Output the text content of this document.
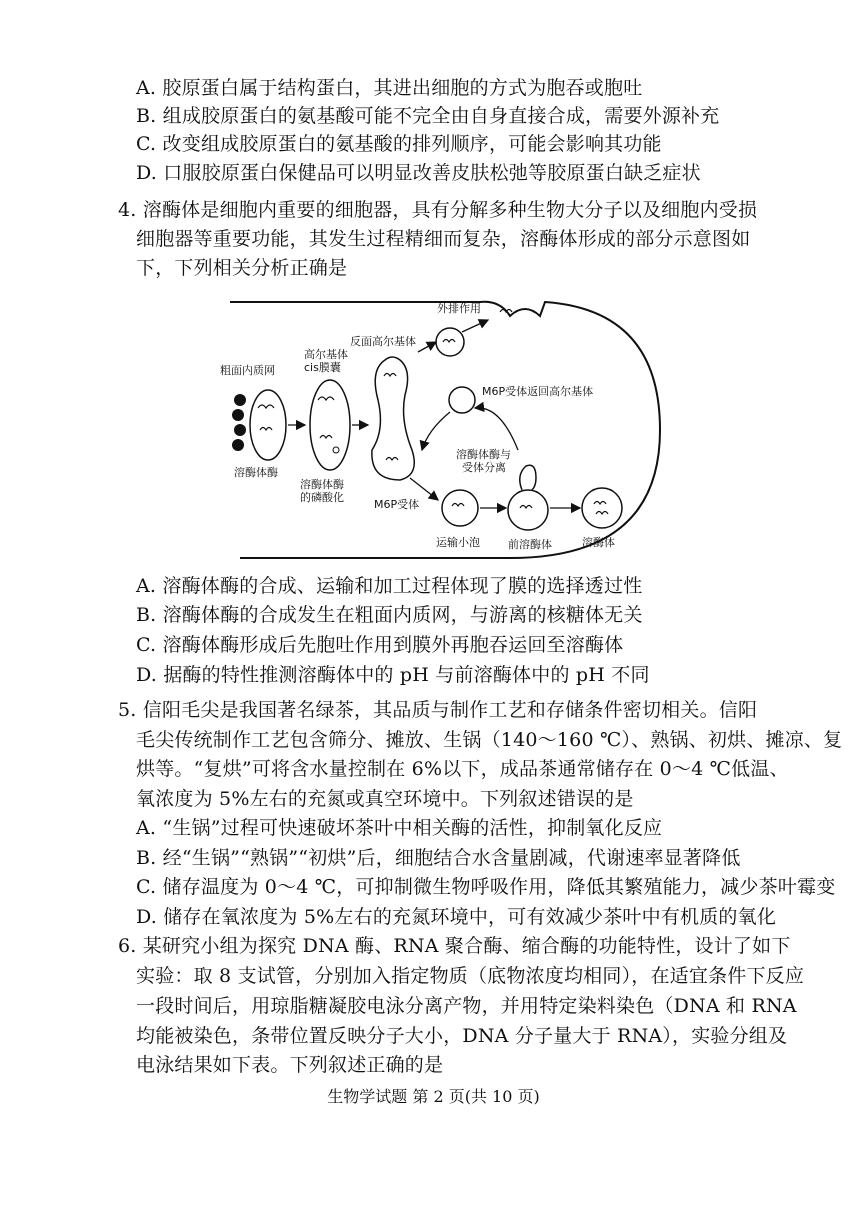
A. 胶原蛋白属于结构蛋白，其进出细胞的方式为胞吞或胞吐
B. 组成胶原蛋白的氨基酸可能不完全由自身直接合成，需要外源补充
C. 改变组成胶原蛋白的氨基酸的排列顺序，可能会影响其功能
D. 口服胶原蛋白保健品可以明显改善皮肤松弛等胶原蛋白缺乏症状
4. 溶酶体是细胞内重要的细胞器，具有分解多种生物大分子以及细胞内受损
细胞器等重要功能，其发生过程精细而复杂，溶酶体形成的部分示意图如
下，下列相关分析正确是
粗面内质网
溶酶体酶
高尔基体
cis膜囊
溶酶体酶
的磷酸化
M6P受体
反面高尔基体
外排作用
M6P受体返回高尔基体
运输小泡
溶酶体酶与
受体分离
前溶酶体	溶酶体
A. 溶酶体酶的合成、运输和加工过程体现了膜的选择透过性
B. 溶酶体酶的合成发生在粗面内质网，与游离的核糖体无关
C. 溶酶体酶形成后先胞吐作用到膜外再胞吞运回至溶酶体
D. 据酶的特性推测溶酶体中的 pH 与前溶酶体中的 pH 不同
5. 信阳毛尖是我国著名绿茶，其品质与制作工艺和存储条件密切相关。信阳
毛尖传统制作工艺包含筛分、摊放、生锅（140～160 ℃）、熟锅、初烘、摊凉、复
烘等。“复烘”可将含水量控制在 6%以下，成品茶通常储存在 0～4 ℃低温、
氧浓度为 5%左右的充氮或真空环境中。下列叙述错误的是
A. “生锅”过程可快速破坏茶叶中相关酶的活性，抑制氧化反应
B. 经“生锅”“熟锅”“初烘”后，细胞结合水含量剧减，代谢速率显著降低
C. 储存温度为 0～4 ℃，可抑制微生物呼吸作用，降低其繁殖能力，减少茶叶霉变
D. 储存在氧浓度为 5%左右的充氮环境中，可有效减少茶叶中有机质的氧化
6. 某研究小组为探究 DNA 酶、RNA 聚合酶、缩合酶的功能特性，设计了如下
实验：取 8 支试管，分别加入指定物质（底物浓度均相同），在适宜条件下反应
一段时间后，用琼脂糖凝胶电泳分离产物，并用特定染料染色（DNA 和 RNA
均能被染色，条带位置反映分子大小，DNA 分子量大于 RNA），实验分组及
电泳结果如下表。下列叙述正确的是
生物学试题 第 2 页(共 10 页)
